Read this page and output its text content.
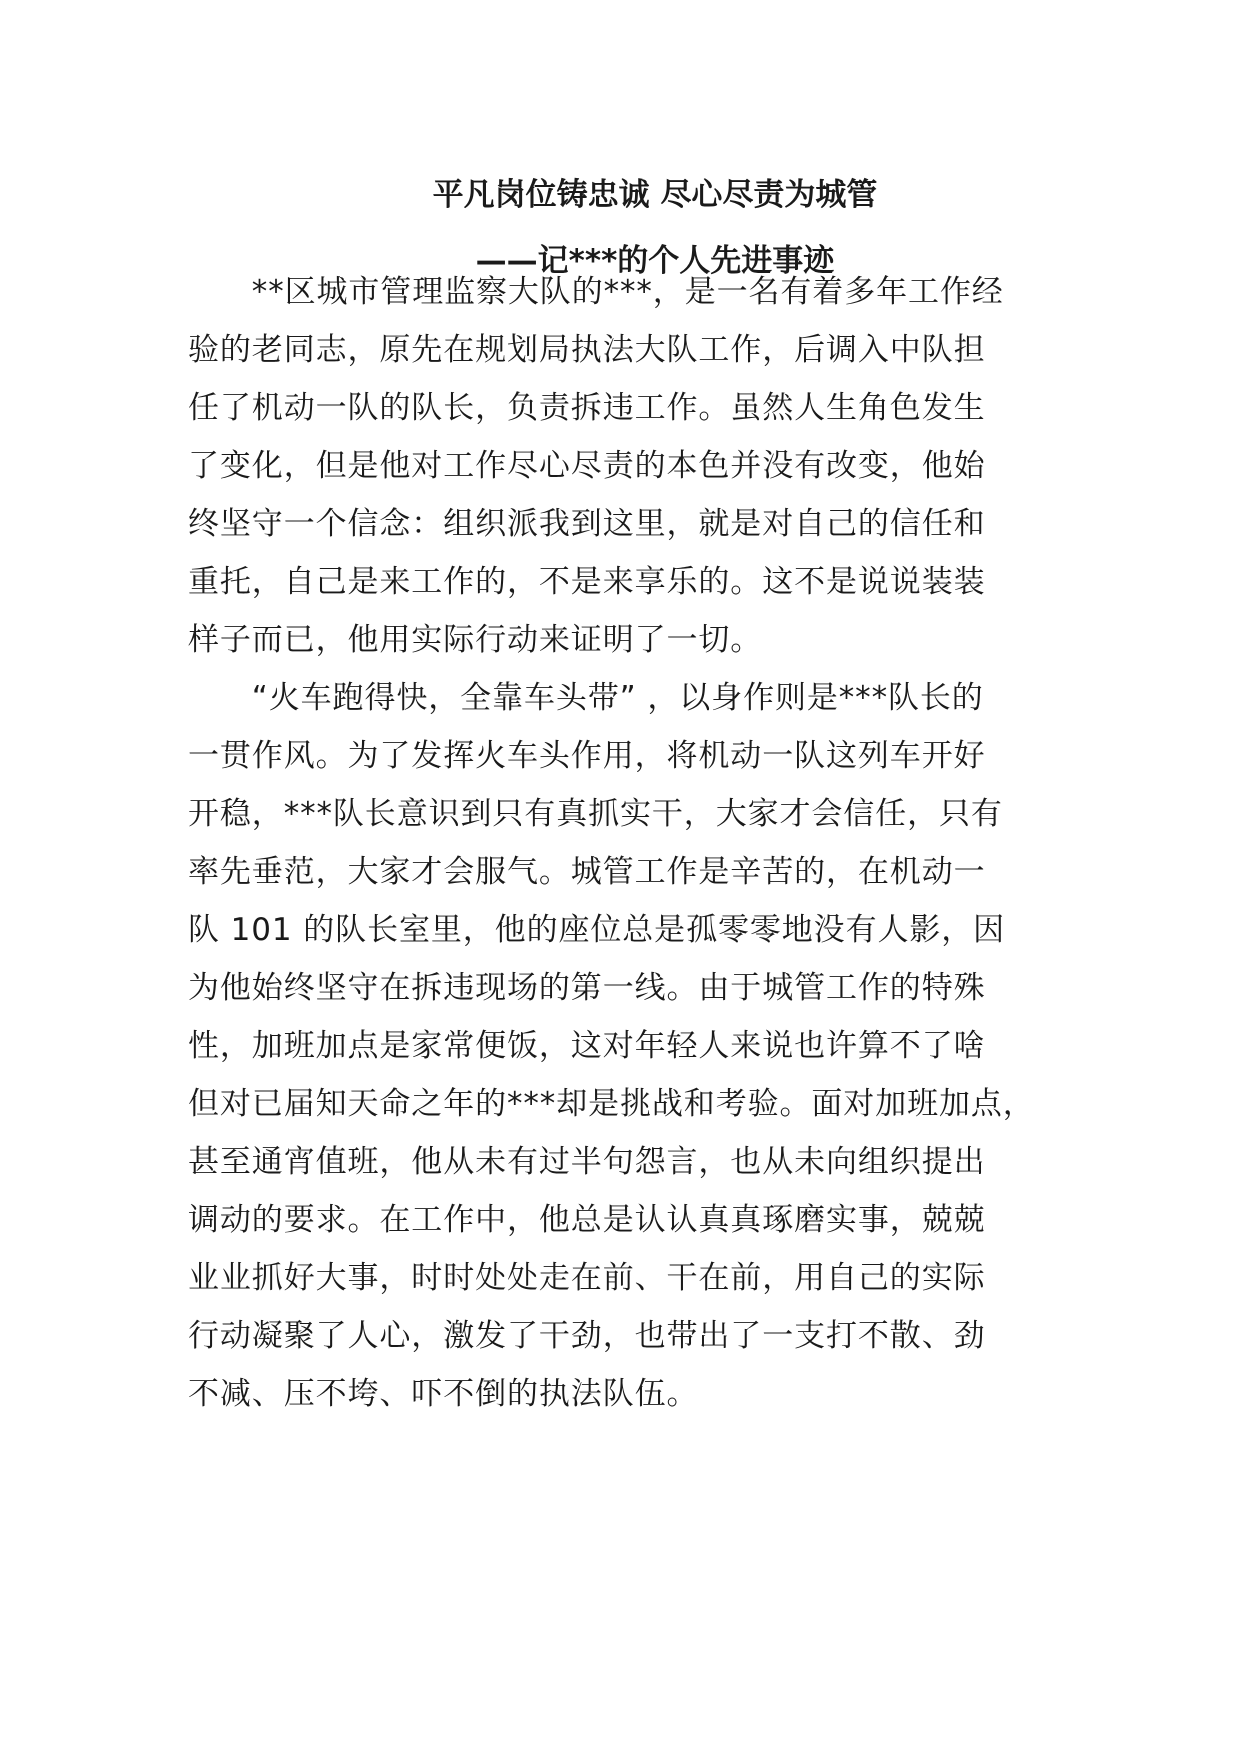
平凡岗位铸忠诚 尽心尽责为城管
——记***的个人先进事迹
　　**区城市管理监察大队的***，是一名有着多年工作经
验的老同志，原先在规划局执法大队工作，后调入中队担
任了机动一队的队长，负责拆违工作。虽然人生角色发生
了变化，但是他对工作尽心尽责的本色并没有改变，他始
终坚守一个信念：组织派我到这里，就是对自己的信任和
重托，自己是来工作的，不是来享乐的。这不是说说装装
样子而已，他用实际行动来证明了一切。
　　“火车跑得快，全靠车头带” ，以身作则是***队长的
一贯作风。为了发挥火车头作用，将机动一队这列车开好
开稳，***队长意识到只有真抓实干，大家才会信任，只有
率先垂范，大家才会服气。城管工作是辛苦的，在机动一
队 101 的队长室里，他的座位总是孤零零地没有人影，因
为他始终坚守在拆违现场的第一线。由于城管工作的特殊
性，加班加点是家常便饭，这对年轻人来说也许算不了啥
但对已届知天命之年的***却是挑战和考验。面对加班加点，
甚至通宵值班，他从未有过半句怨言，也从未向组织提出
调动的要求。在工作中，他总是认认真真琢磨实事，兢兢
业业抓好大事，时时处处走在前、干在前，用自己的实际
行动凝聚了人心，激发了干劲，也带出了一支打不散、劲
不减、压不垮、吓不倒的执法队伍。
